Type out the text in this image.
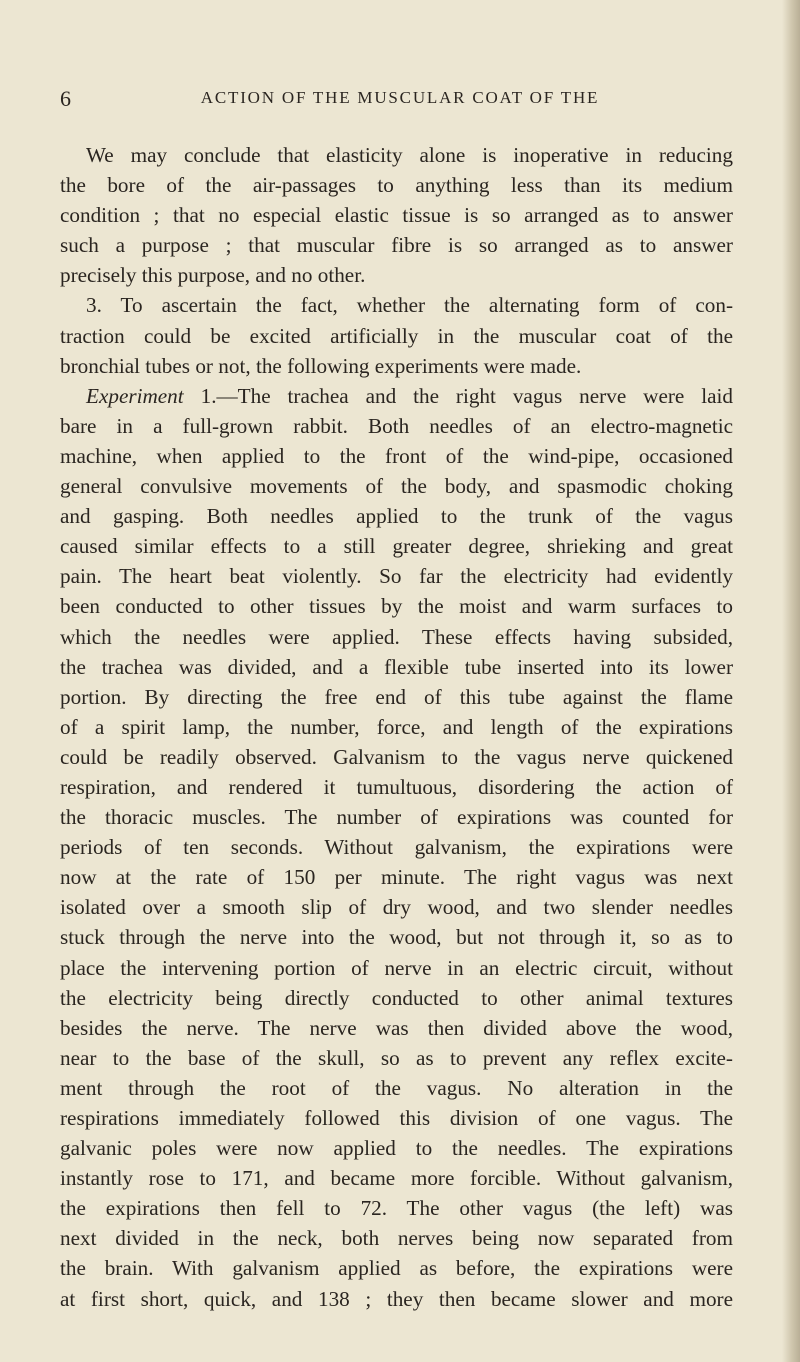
6	ACTION OF THE MUSCULAR COAT OF THE
We may conclude that elasticity alone is inoperative in reducing
the bore of the air-passages to anything less than its medium
condition ; that no especial elastic tissue is so arranged as to answer
such a purpose ; that muscular fibre is so arranged as to answer
precisely this purpose, and no other.
3. To ascertain the fact, whether the alternating form of con-
traction could be excited artificially in the muscular coat of the
bronchial tubes or not, the following experiments were made.
Experiment 1.—The trachea and the right vagus nerve were laid
bare in a full-grown rabbit. Both needles of an electro-magnetic
machine, when applied to the front of the wind-pipe, occasioned
general convulsive movements of the body, and spasmodic choking
and gasping. Both needles applied to the trunk of the vagus
caused similar effects to a still greater degree, shrieking and great
pain. The heart beat violently. So far the electricity had evidently
been conducted to other tissues by the moist and warm surfaces to
which the needles were applied. These effects having subsided,
the trachea was divided, and a flexible tube inserted into its lower
portion. By directing the free end of this tube against the flame
of a spirit lamp, the number, force, and length of the expirations
could be readily observed. Galvanism to the vagus nerve quickened
respiration, and rendered it tumultuous, disordering the action of
the thoracic muscles. The number of expirations was counted for
periods of ten seconds. Without galvanism, the expirations were
now at the rate of 150 per minute. The right vagus was next
isolated over a smooth slip of dry wood, and two slender needles
stuck through the nerve into the wood, but not through it, so as to
place the intervening portion of nerve in an electric circuit, without
the electricity being directly conducted to other animal textures
besides the nerve. The nerve was then divided above the wood,
near to the base of the skull, so as to prevent any reflex excite-
ment through the root of the vagus. No alteration in the
respirations immediately followed this division of one vagus. The
galvanic poles were now applied to the needles. The expirations
instantly rose to 171, and became more forcible. Without galvanism,
the expirations then fell to 72. The other vagus (the left) was
next divided in the neck, both nerves being now separated from
the brain. With galvanism applied as before, the expirations were
at first short, quick, and 138 ; they then became slower and more
